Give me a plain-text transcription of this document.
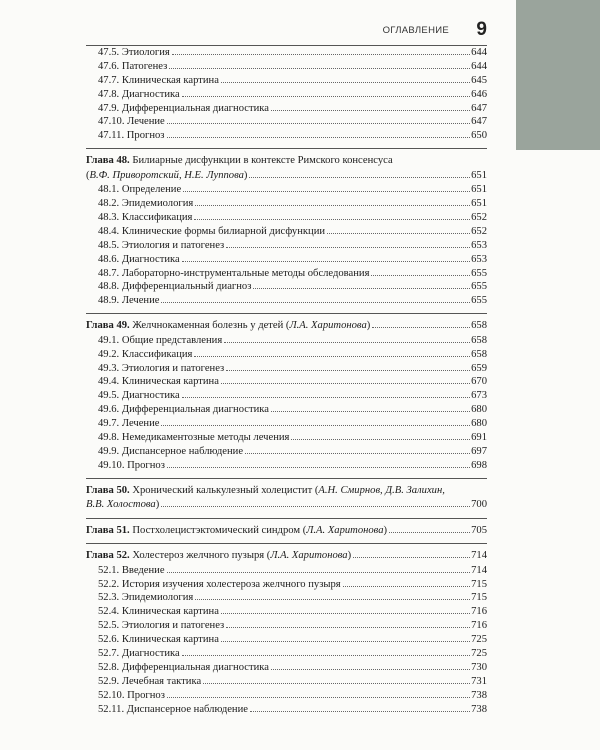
ОГЛАВЛЕНИЕ 9
47.5. Этиология	644
47.6. Патогенез	644
47.7. Клиническая картина	645
47.8. Диагностика	646
47.9. Дифференциальная диагностика	647
47.10. Лечение	647
47.11. Прогноз	650
Глава 48. Билиарные дисфункции в контексте Римского консенсуса
(В.Ф. Приворотский, Н.Е. Луппова)	651
48.1. Определение	651
48.2. Эпидемиология	651
48.3. Классификация	652
48.4. Клинические формы билиарной дисфункции	652
48.5. Этиология и патогенез	653
48.6. Диагностика	653
48.7. Лабораторно-инструментальные методы обследования	655
48.8. Дифференциальный диагноз	655
48.9. Лечение	655
Глава 49. Желчнокаменная болезнь у детей (Л.А. Харитонова)	658
49.1. Общие представления	658
49.2. Классификация	658
49.3. Этиология и патогенез	659
49.4. Клиническая картина	670
49.5. Диагностика	673
49.6. Дифференциальная диагностика	680
49.7. Лечение	680
49.8. Немедикаментозные методы лечения	691
49.9. Диспансерное наблюдение	697
49.10. Прогноз	698
Глава 50. Хронический калькулезный холецистит (А.Н. Смирнов, Д.В. Залихин,
В.В. Холостова)	700
Глава 51. Постхолецистэктомический синдром (Л.А. Харитонова)	705
Глава 52. Холестероз желчного пузыря (Л.А. Харитонова)	714
52.1. Введение	714
52.2. История изучения холестероза желчного пузыря	715
52.3. Эпидемиология	715
52.4. Клиническая картина	716
52.5. Этиология и патогенез	716
52.6. Клиническая картина	725
52.7. Диагностика	725
52.8. Дифференциальная диагностика	730
52.9. Лечебная тактика	731
52.10. Прогноз	738
52.11. Диспансерное наблюдение	738
